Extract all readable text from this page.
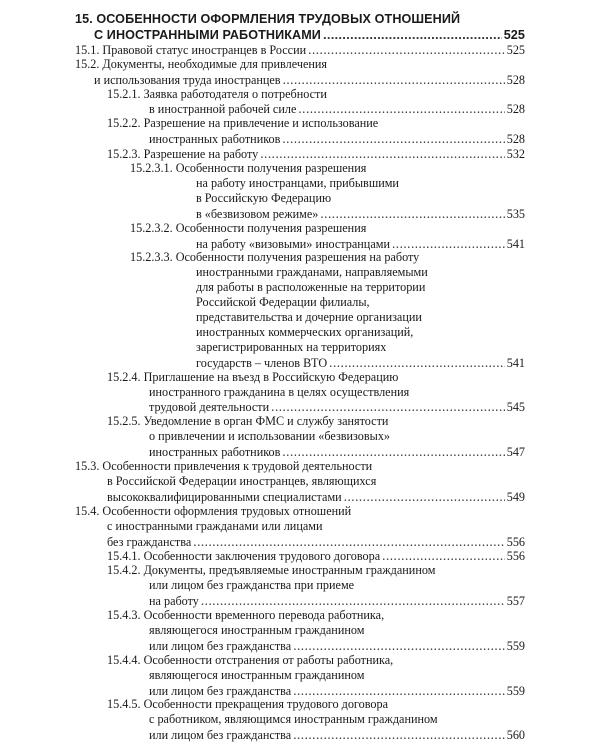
15. ОСОБЕННОСТИ ОФОРМЛЕНИЯ ТРУДОВЫХ ОТНОШЕНИЙ
С ИНОСТРАННЫМИ РАБОТНИКАМИ .....	525
15.1. Правовой статус иностранцев в России .....	525
15.2. Документы, необходимые для привлечения
и использования труда иностранцев .....	528
15.2.1. Заявка работодателя о потребности
в иностранной рабочей силе .....	528
15.2.2. Разрешение на привлечение и использование
иностранных работников .....	528
15.2.3. Разрешение на работу .....	532
15.2.3.1. Особенности получения разрешения
на работу иностранцами, прибывшими
в Российскую Федерацию
в «безвизовом режиме» .....	535
15.2.3.2. Особенности получения разрешения
на работу «визовыми» иностранцами .....	541
15.2.3.3. Особенности получения разрешения на работу
иностранными гражданами, направляемыми
для работы в расположенные на территории
Российской Федерации филиалы,
представительства и дочерние организации
иностранных коммерческих организаций,
зарегистрированных на территориях
государств – членов ВТО .....	541
15.2.4. Приглашение на въезд в Российскую Федерацию
иностранного гражданина в целях осуществления
трудовой деятельности .....	545
15.2.5. Уведомление в орган ФМС и службу занятости
о привлечении и использовании «безвизовых»
иностранных работников .....	547
15.3. Особенности привлечения к трудовой деятельности
в Российской Федерации иностранцев, являющихся
высококвалифицированными специалистами .....	549
15.4. Особенности оформления трудовых отношений
с иностранными гражданами или лицами
без гражданства .....	556
15.4.1. Особенности заключения трудового договора .....	556
15.4.2. Документы, предъявляемые иностранным гражданином
или лицом без гражданства при приеме
на работу .....	557
15.4.3. Особенности временного перевода работника,
являющегося иностранным гражданином
или лицом без гражданства .....	559
15.4.4. Особенности отстранения от работы работника,
являющегося иностранным гражданином
или лицом без гражданства .....	559
15.4.5. Особенности прекращения трудового договора
с работником, являющимся иностранным гражданином
или лицом без гражданства .....	560
